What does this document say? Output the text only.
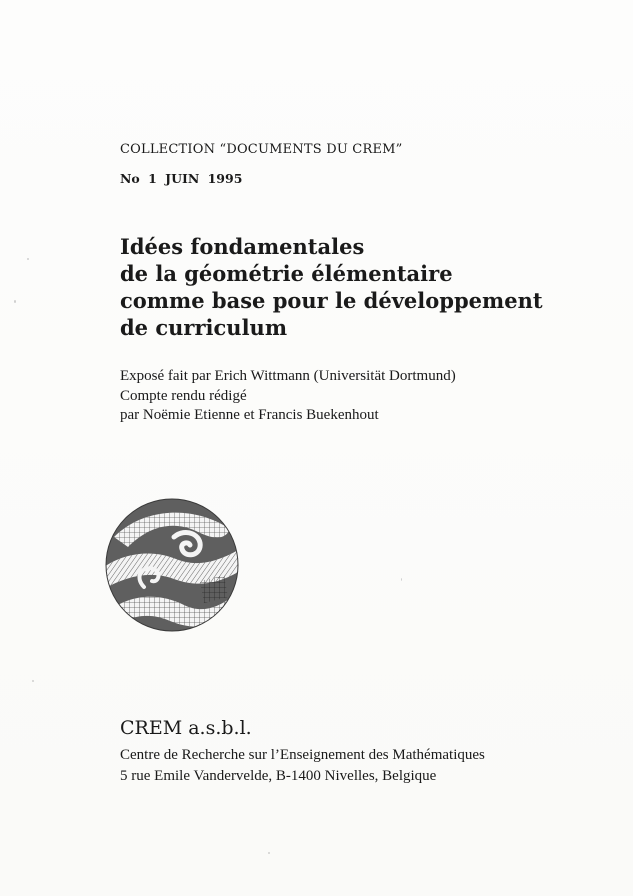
COLLECTION “DOCUMENTS DU CREM”
No 1 JUIN 1995
Idées fondamentales
de la géométrie élémentaire
comme base pour le développement
de curriculum
Exposé fait par Erich Wittmann (Universität Dortmund)
Compte rendu rédigé
par Noëmie Etienne et Francis Buekenhout
CREM a.s.b.l.
Centre de Recherche sur l’Enseignement des Mathématiques
5 rue Emile Vandervelde, B-1400 Nivelles, Belgique
